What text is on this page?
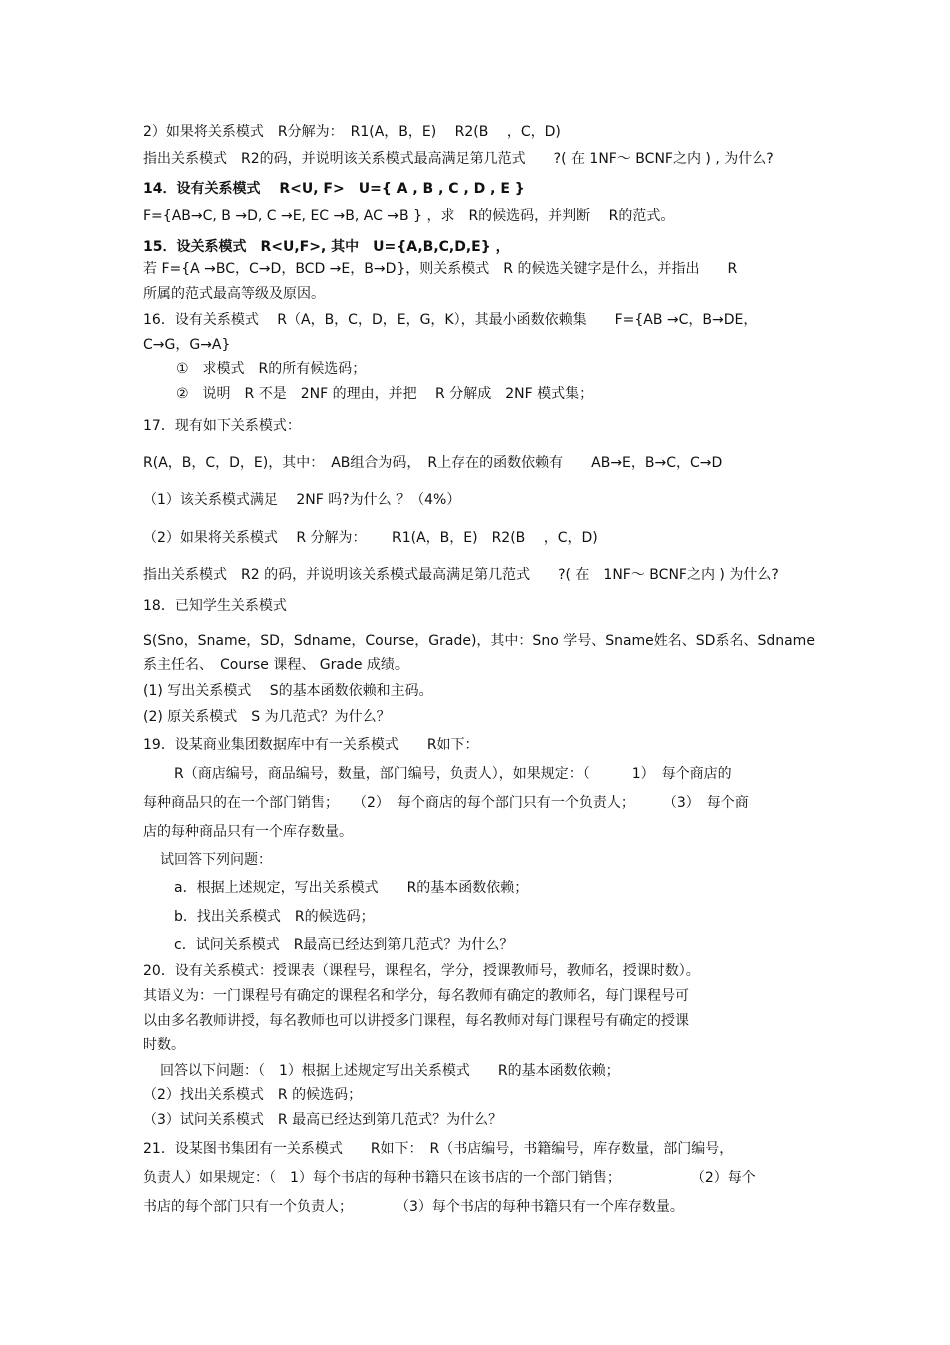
2）如果将关系模式　R分解为：　R1(A，B，E)　 R2(B　 ，C，D)
指出关系模式　R2的码，并说明该关系模式最高满足第几范式　　?( 在 1NF～ BCNF之内 ) , 为什么?
14．设有关系模式　 R<U, F>　U={ A , B , C , D , E }
F={AB→C, B →D, C →E, EC →B, AC →B } ，求　R的候选码，并判断　 R的范式。
15．设关系模式　R<U,F>, 其中　U={A,B,C,D,E} ，
若 F={A →BC，C→D，BCD →E，B→D}，则关系模式　R 的候选关键字是什么，并指出　　R
所属的范式最高等级及原因。
16．设有关系模式　 R（A，B，C，D，E，G，K），其最小函数依赖集　　F={AB →C，B→DE，
C→G，G→A}
①　求模式　R的所有候选码；
②　说明　R 不是　2NF 的理由，并把　 R 分解成　2NF 模式集；
17．现有如下关系模式：
R(A，B，C，D，E)，其中：　AB组合为码，　R上存在的函数依赖有　　AB→E，B→C，C→D
（1）该关系模式满足　 2NF 吗?为什么 ？（4%）
（2）如果将关系模式　 R 分解为：　　 R1(A，B，E)　R2(B　 ，C，D)
指出关系模式　R2 的码，并说明该关系模式最高满足第几范式　　?( 在　1NF～ BCNF之内 ) 为什么?
18．已知学生关系模式
S(Sno，Sname，SD，Sdname，Course，Grade)，其中：Sno 学号、Sname姓名、SD系名、Sdname
系主任名、　Course 课程、 Grade 成绩。
(1) 写出关系模式　 S的基本函数依赖和主码。
(2) 原关系模式　S 为几范式？为什么？
19．设某商业集团数据库中有一关系模式　　R如下：
R（商店编号，商品编号，数量，部门编号，负责人），如果规定：（　　　1）　每个商店的
每种商品只的在一个部门销售；　　（2）　每个商店的每个部门只有一个负责人；　　　（3）　每个商
店的每种商品只有一个库存数量。
试回答下列问题：
a．根据上述规定，写出关系模式　　R的基本函数依赖；
b．找出关系模式　R的候选码；
c．试问关系模式　R最高已经达到第几范式？为什么？
20．设有关系模式：授课表（课程号，课程名，学分，授课教师号，教师名，授课时数）。
其语义为：一门课程号有确定的课程名和学分，每名教师有确定的教师名，每门课程号可
以由多名教师讲授，每名教师也可以讲授多门课程，每名教师对每门课程号有确定的授课
时数。
回答以下问题：（　1）根据上述规定写出关系模式　　R的基本函数依赖；
（2）找出关系模式　R 的候选码；
（3）试问关系模式　R 最高已经达到第几范式？为什么？
21．设某图书集团有一关系模式　　R如下：　R（书店编号，书籍编号，库存数量，部门编号，
负责人）如果规定：（　1）每个书店的每种书籍只在该书店的一个部门销售；　　　　　　（2）每个
书店的每个部门只有一个负责人；　　　　（3）每个书店的每种书籍只有一个库存数量。
